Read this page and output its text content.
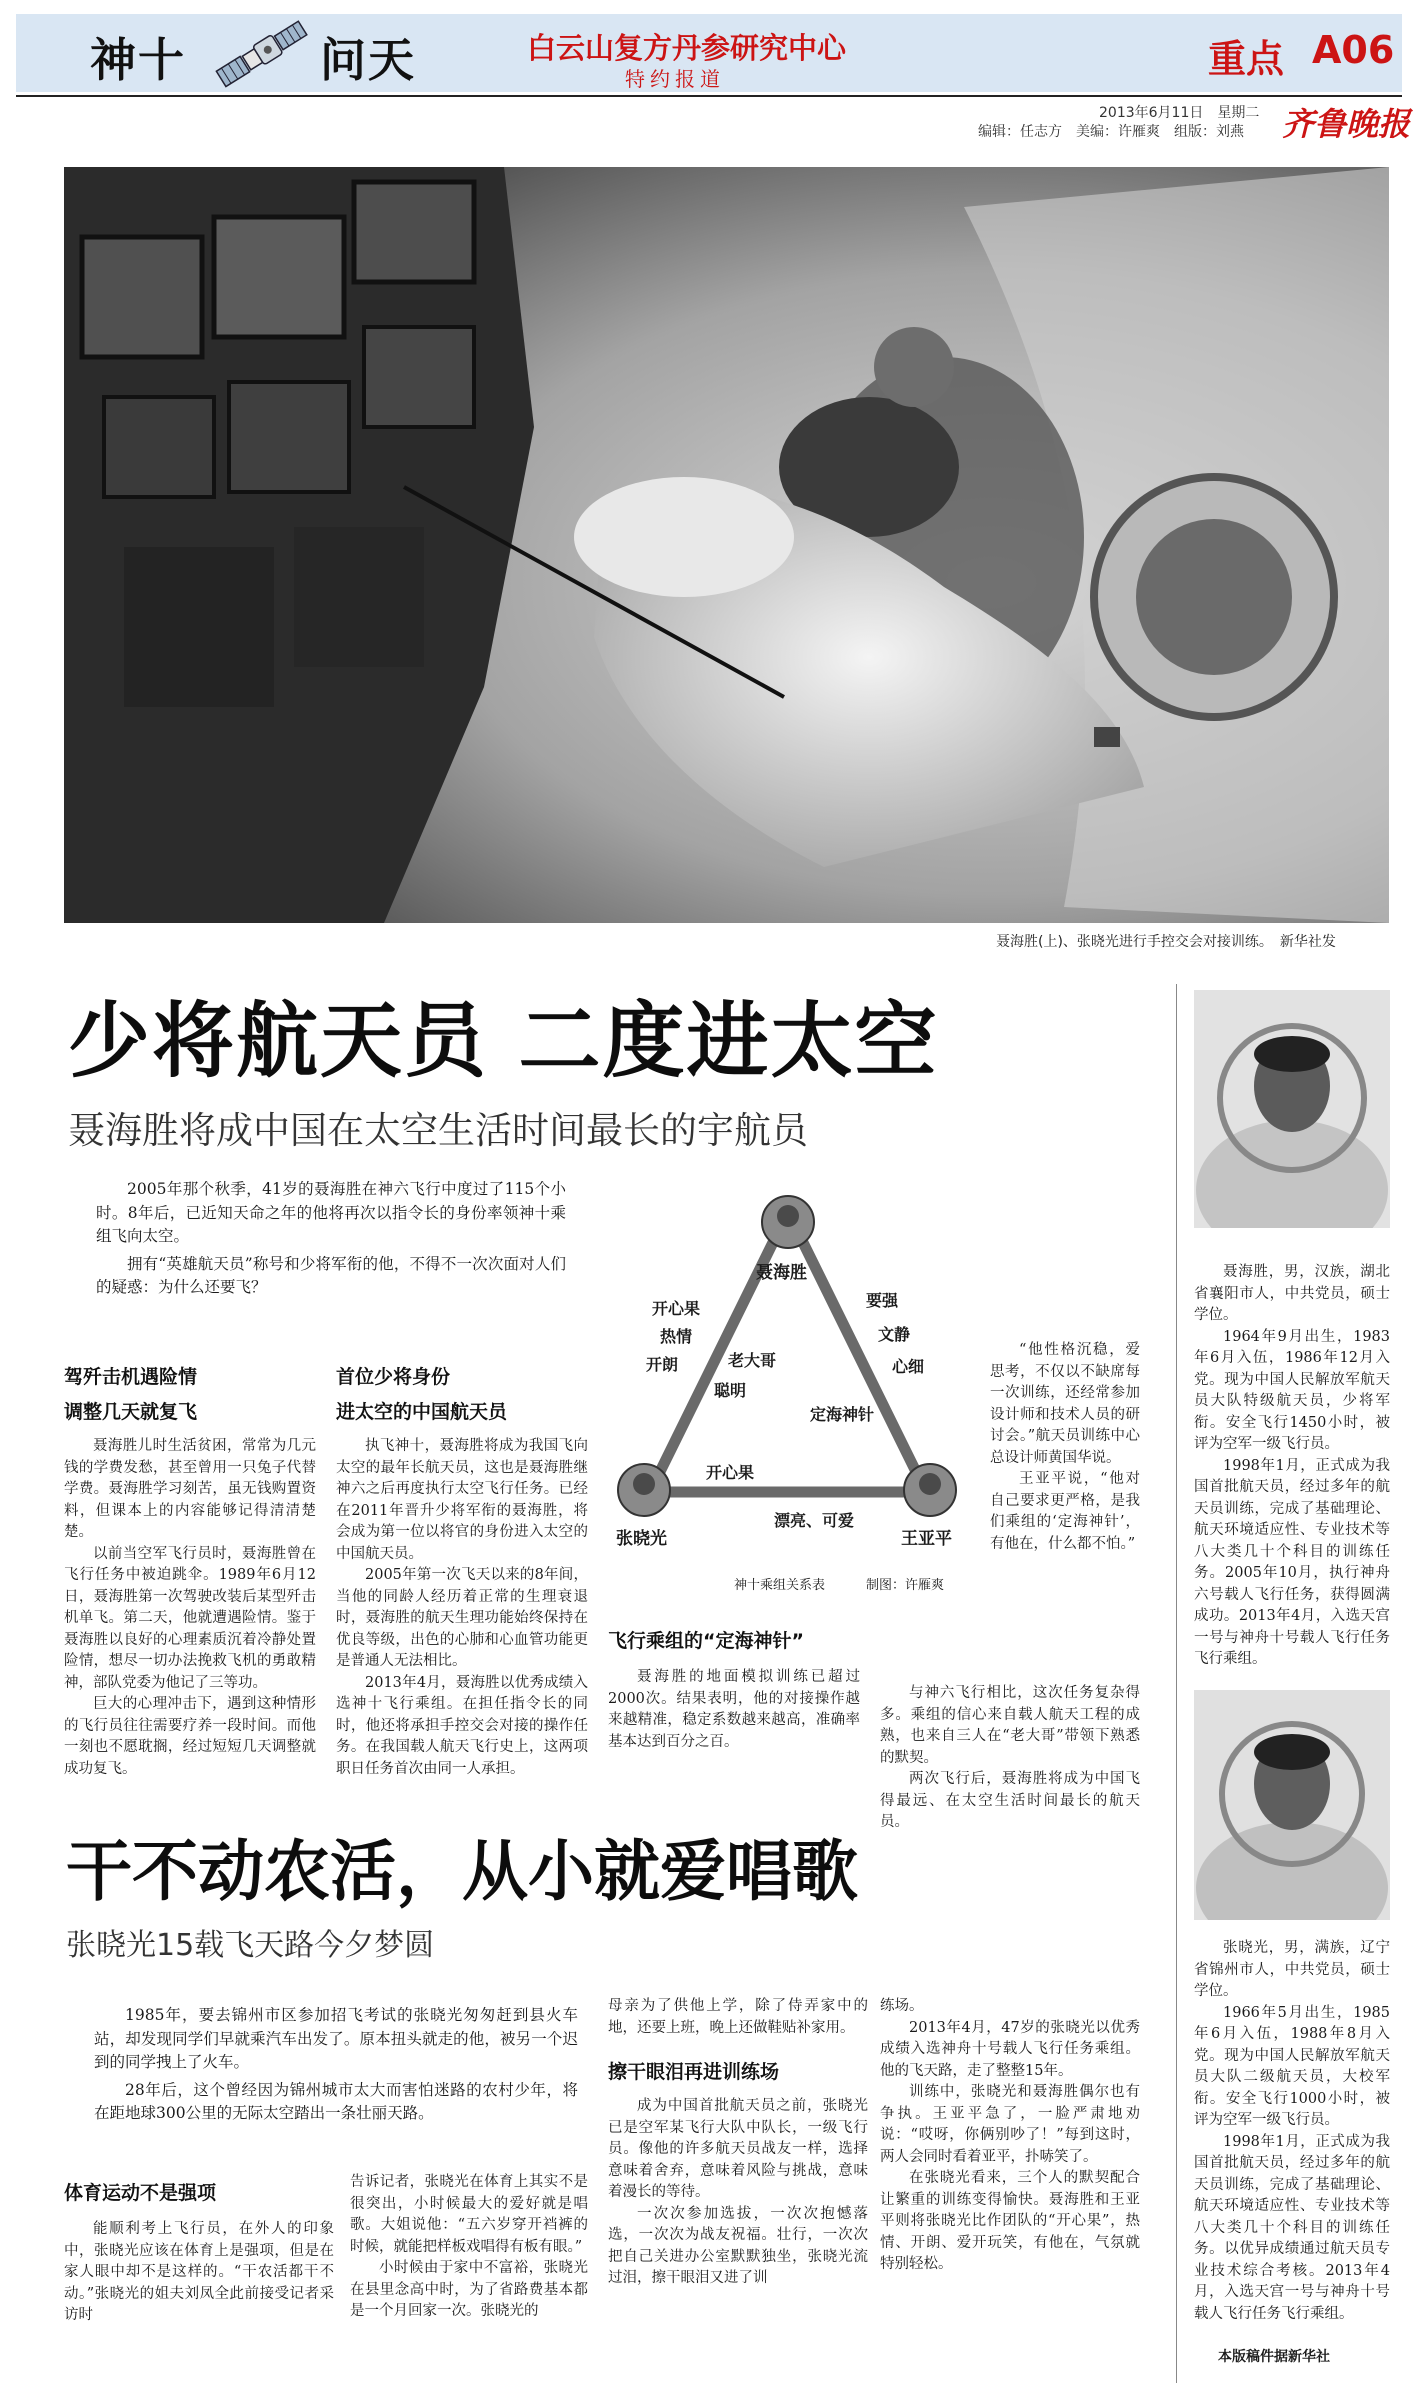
神十	问天	白云山复方丹参研究中心
特约报道	重点 A06
2013年6月11日　星期二
编辑：任志方　美编：许雁爽　组版：刘燕 齐鲁晚报
聂海胜(上)、张晓光进行手控交会对接训练。　新华社发
少将航天员 二度进太空
聂海胜将成中国在太空生活时间最长的宇航员

2005年那个秋季，41岁的聂海胜在神六飞行中度过了115个小时。8年后，已近知天命之年的他将再次以指令长的身份率领神十乘组飞向太空。

拥有“英雄航天员”称号和少将军衔的他，不得不一次次面对人们的疑惑：为什么还要飞？

聂海胜
张晓光	王亚平
开心果
热情
开朗
要强
文静
心细
老大哥
聪明
定海神针
开心果
漂亮、可爱
神十乘组关系表	制图：许雁爽
驾歼击机遇险情
调整几天就复飞

聂海胜儿时生活贫困，常常为几元钱的学费发愁，甚至曾用一只兔子代替学费。聂海胜学习刻苦，虽无钱购置资料，但课本上的内容能够记得清清楚楚。

以前当空军飞行员时，聂海胜曾在飞行任务中被迫跳伞。1989年6月12日，聂海胜第一次驾驶改装后某型歼击机单飞。第二天，他就遭遇险情。鉴于聂海胜以良好的心理素质沉着冷静处置险情，想尽一切办法挽救飞机的勇敢精神，部队党委为他记了三等功。

巨大的心理冲击下，遇到这种情形的飞行员往往需要疗养一段时间。而他一刻也不愿耽搁，经过短短几天调整就成功复飞。

首位少将身份
进太空的中国航天员

执飞神十，聂海胜将成为我国飞向太空的最年长航天员，这也是聂海胜继神六之后再度执行太空飞行任务。已经在2011年晋升少将军衔的聂海胜，将会成为第一位以将官的身份进入太空的中国航天员。

2005年第一次飞天以来的8年间，当他的同龄人经历着正常的生理衰退时，聂海胜的航天生理功能始终保持在优良等级，出色的心肺和心血管功能更是普通人无法相比。

2013年4月，聂海胜以优秀成绩入选神十飞行乘组。在担任指令长的同时，他还将承担手控交会对接的操作任务。在我国载人航天飞行史上，这两项职日任务首次由同一人承担。

飞行乘组的“定海神针”

聂海胜的地面模拟训练已超过2000次。结果表明，他的对接操作越来越精准，稳定系数越来越高，准确率基本达到百分之百。

“他性格沉稳，爱思考，不仅以不缺席每一次训练，还经常参加设计师和技术人员的研讨会。”航天员训练中心总设计师黄国华说。

王亚平说，“他对自己要求更严格，是我们乘组的‘定海神针’，有他在，什么都不怕。”

与神六飞行相比，这次任务复杂得多。乘组的信心来自载人航天工程的成熟，也来自三人在“老大哥”带领下熟悉的默契。

两次飞行后，聂海胜将成为中国飞得最远、在太空生活时间最长的航天员。

聂海胜，男，汉族，湖北省襄阳市人，中共党员，硕士学位。

1964年9月出生，1983年6月入伍，1986年12月入党。现为中国人民解放军航天员大队特级航天员，少将军衔。安全飞行1450小时，被评为空军一级飞行员。

1998年1月，正式成为我国首批航天员，经过多年的航天员训练，完成了基础理论、航天环境适应性、专业技术等八大类几十个科目的训练任务。2005年10月，执行神舟六号载人飞行任务，获得圆满成功。2013年4月，入选天宫一号与神舟十号载人飞行任务飞行乘组。

干不动农活，从小就爱唱歌
张晓光15载飞天路今夕梦圆

1985年，要去锦州市区参加招飞考试的张晓光匆匆赶到县火车站，却发现同学们早就乘汽车出发了。原本扭头就走的他，被另一个迟到的同学拽上了火车。

28年后，这个曾经因为锦州城市太大而害怕迷路的农村少年，将在距地球300公里的无际太空踏出一条壮丽天路。

体育运动不是强项

能顺利考上飞行员，在外人的印象中，张晓光应该在体育上是强项，但是在家人眼中却不是这样的。“干农活都干不动。”张晓光的姐夫刘凤全此前接受记者采访时

告诉记者，张晓光在体育上其实不是很突出，小时候最大的爱好就是唱歌。大姐说他：“五六岁穿开裆裤的时候，就能把样板戏唱得有板有眼。”

小时候由于家中不富裕，张晓光在县里念高中时，为了省路费基本都是一个月回家一次。张晓光的

母亲为了供他上学，除了侍弄家中的地，还要上班，晚上还做鞋贴补家用。

擦干眼泪再进训练场

成为中国首批航天员之前，张晓光已是空军某飞行大队中队长，一级飞行员。像他的许多航天员战友一样，选择意味着舍弃，意味着风险与挑战，意味着漫长的等待。

一次次参加选拔，一次次抱憾落选，一次次为战友祝福。壮行，一次次把自己关进办公室默默独坐，张晓光流过泪，擦干眼泪又进了训

练场。

2013年4月，47岁的张晓光以优秀成绩入选神舟十号载人飞行任务乘组。他的飞天路，走了整整15年。

训练中，张晓光和聂海胜偶尔也有争执。王亚平急了，一脸严肃地劝说：“哎呀，你俩别吵了！”每到这时，两人会同时看着亚平，扑哧笑了。

在张晓光看来，三个人的默契配合让繁重的训练变得愉快。聂海胜和王亚平则将张晓光比作团队的“开心果”，热情、开朗、爱开玩笑，有他在，气氛就特别轻松。

张晓光，男，满族，辽宁省锦州市人，中共党员，硕士学位。

1966年5月出生，1985年6月入伍，1988年8月入党。现为中国人民解放军航天员大队二级航天员，大校军衔。安全飞行1000小时，被评为空军一级飞行员。

1998年1月，正式成为我国首批航天员，经过多年的航天员训练，完成了基础理论、航天环境适应性、专业技术等八大类几十个科目的训练任务。以优异成绩通过航天员专业技术综合考核。2013年4月，入选天宫一号与神舟十号载人飞行任务飞行乘组。

本版稿件据新华社
